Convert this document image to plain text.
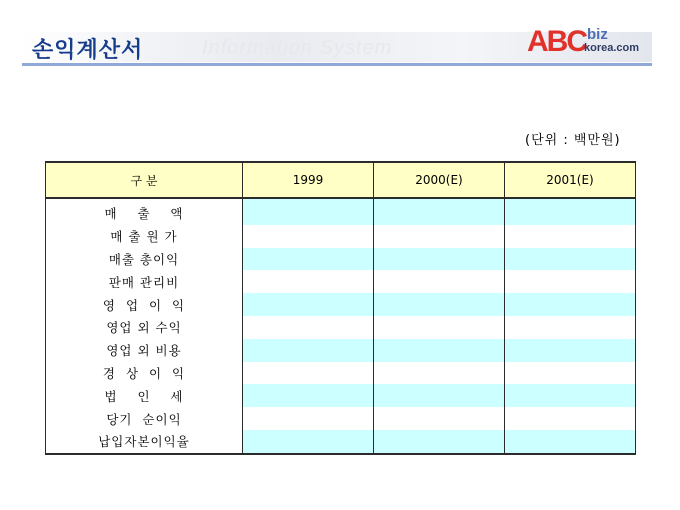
손익계산서	Information System	ABC biz
korea.com
(단위 : 백만원)
구 분	1999	2000(E)	2001(E)
매    출    액			
매 출 원 가			
매출 총이익			
판매 관리비			
영  업  이  익			
영업 외 수익			
영업 외 비용			
경  상  이  익			
법    인    세			
당기  순이익			
납입자본이익율			
